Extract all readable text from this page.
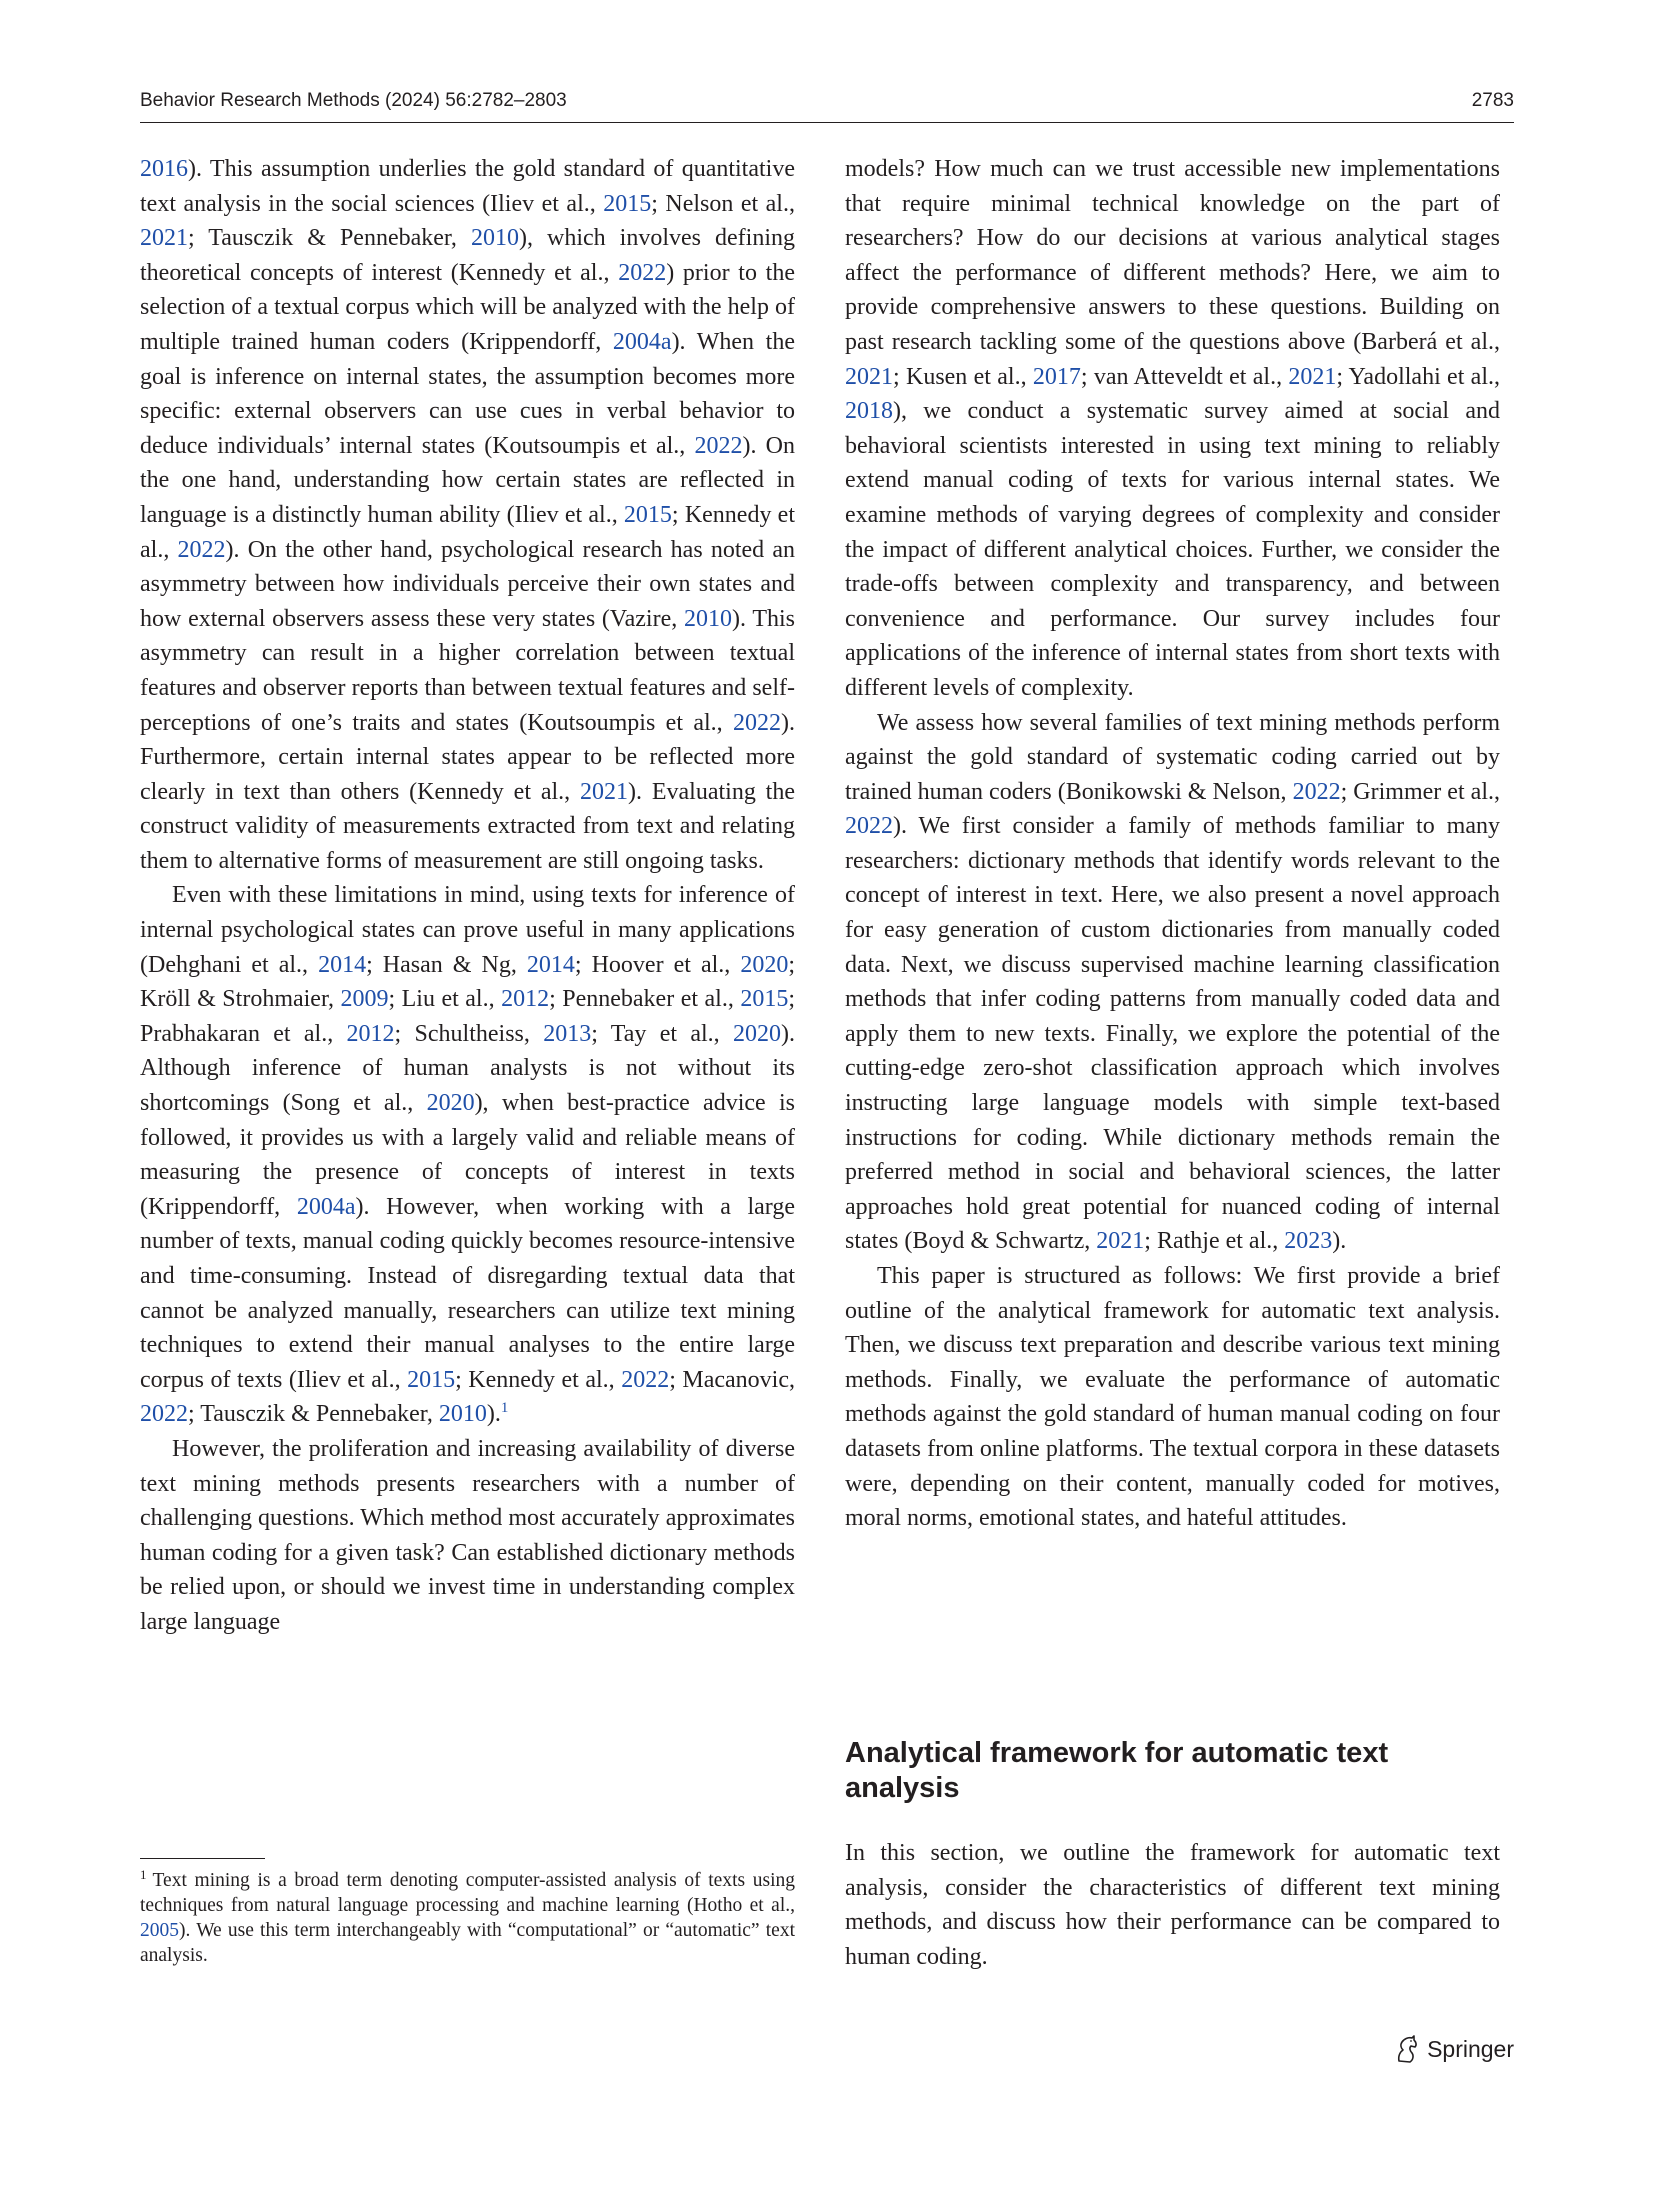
Behavior Research Methods (2024) 56:2782–2803	2783

2016). This assumption underlies the gold standard of quantitative text analysis in the social sciences (Iliev et al., 2015; Nelson et al., 2021; Tausczik & Pennebaker, 2010), which involves defining theoretical concepts of interest (Kennedy et al., 2022) prior to the selection of a textual corpus which will be analyzed with the help of multiple trained human coders (Krippendorff, 2004a). When the goal is inference on internal states, the assumption becomes more specific: external observers can use cues in verbal behavior to deduce individuals’ internal states (Koutsoumpis et al., 2022). On the one hand, understanding how certain states are reflected in language is a distinctly human ability (Iliev et al., 2015; Kennedy et al., 2022). On the other hand, psychological research has noted an asymmetry between how individuals perceive their own states and how external observers assess these very states (Vazire, 2010). This asymmetry can result in a higher correlation between textual features and observer reports than between textual features and self-perceptions of one’s traits and states (Koutsoumpis et al., 2022). Furthermore, certain internal states appear to be reflected more clearly in text than others (Kennedy et al., 2021). Evaluating the construct validity of measurements extracted from text and relating them to alternative forms of measurement are still ongoing tasks.

Even with these limitations in mind, using texts for inference of internal psychological states can prove useful in many applications (Dehghani et al., 2014; Hasan & Ng, 2014; Hoover et al., 2020; Kröll & Strohmaier, 2009; Liu et al., 2012; Pennebaker et al., 2015; Prabhakaran et al., 2012; Schultheiss, 2013; Tay et al., 2020). Although inference of human analysts is not without its shortcomings (Song et al., 2020), when best-practice advice is followed, it provides us with a largely valid and reliable means of measuring the presence of concepts of interest in texts (Krippendorff, 2004a). However, when working with a large number of texts, manual coding quickly becomes resource-intensive and time-consuming. Instead of disregarding textual data that cannot be analyzed manually, researchers can utilize text mining techniques to extend their manual analyses to the entire large corpus of texts (Iliev et al., 2015; Kennedy et al., 2022; Macanovic, 2022; Tausczik & Pennebaker, 2010).$^1$

However, the proliferation and increasing availability of diverse text mining methods presents researchers with a number of challenging questions. Which method most accurately approximates human coding for a given task? Can established dictionary methods be relied upon, or should we invest time in understanding complex large language

$^1$ Text mining is a broad term denoting computer-assisted analysis of texts using techniques from natural language processing and machine learning (Hotho et al., 2005). We use this term interchangeably with “computational” or “automatic” text analysis.

models? How much can we trust accessible new implementations that require minimal technical knowledge on the part of researchers? How do our decisions at various analytical stages affect the performance of different methods? Here, we aim to provide comprehensive answers to these questions. Building on past research tackling some of the questions above (Barberá et al., 2021; Kusen et al., 2017; van Atteveldt et al., 2021; Yadollahi et al., 2018), we conduct a systematic survey aimed at social and behavioral scientists interested in using text mining to reliably extend manual coding of texts for various internal states. We examine methods of varying degrees of complexity and consider the impact of different analytical choices. Further, we consider the trade-offs between complexity and transparency, and between convenience and performance. Our survey includes four applications of the inference of internal states from short texts with different levels of complexity.

We assess how several families of text mining methods perform against the gold standard of systematic coding carried out by trained human coders (Bonikowski & Nelson, 2022; Grimmer et al., 2022). We first consider a family of methods familiar to many researchers: dictionary methods that identify words relevant to the concept of interest in text. Here, we also present a novel approach for easy generation of custom dictionaries from manually coded data. Next, we discuss supervised machine learning classification methods that infer coding patterns from manually coded data and apply them to new texts. Finally, we explore the potential of the cutting-edge zero-shot classification approach which involves instructing large language models with simple text-based instructions for coding. While dictionary methods remain the preferred method in social and behavioral sciences, the latter approaches hold great potential for nuanced coding of internal states (Boyd & Schwartz, 2021; Rathje et al., 2023).

This paper is structured as follows: We first provide a brief outline of the analytical framework for automatic text analysis. Then, we discuss text preparation and describe various text mining methods. Finally, we evaluate the performance of automatic methods against the gold standard of human manual coding on four datasets from online platforms. The textual corpora in these datasets were, depending on their content, manually coded for motives, moral norms, emotional states, and hateful attitudes.

Analytical framework for automatic text analysis

In this section, we outline the framework for automatic text analysis, consider the characteristics of different text mining methods, and discuss how their performance can be compared to human coding.

Springer
